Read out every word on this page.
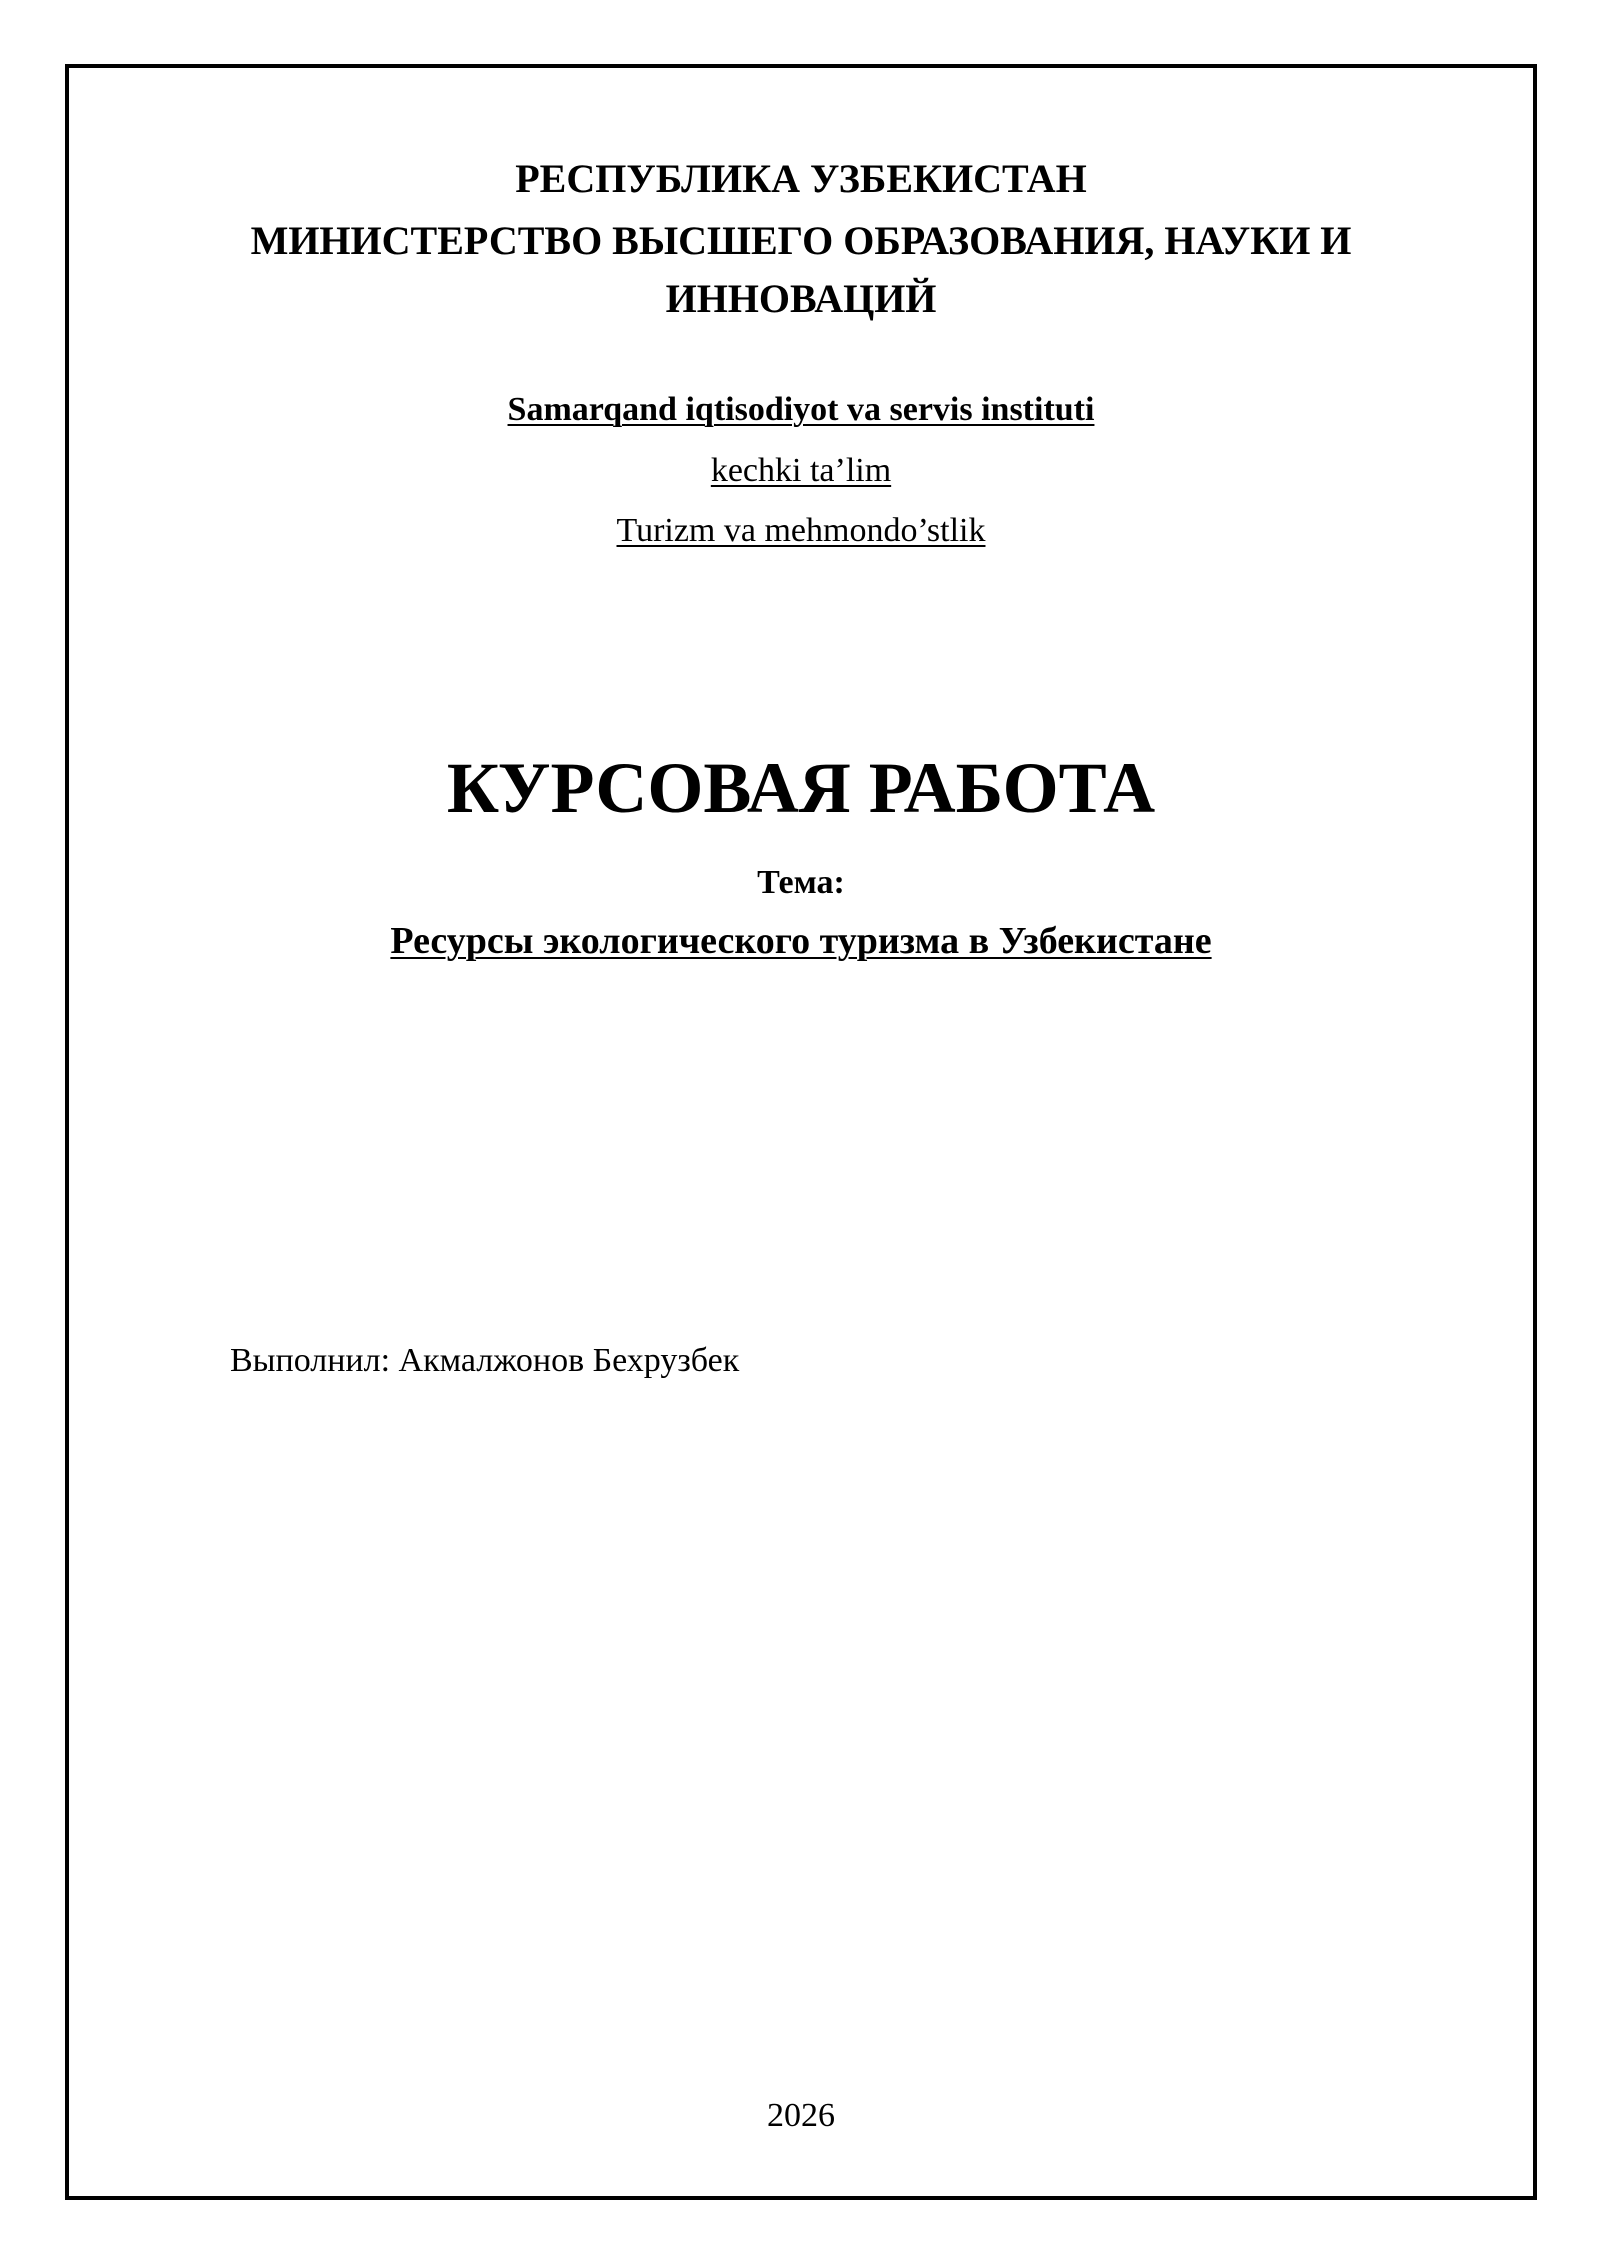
РЕСПУБЛИКА УЗБЕКИСТАН
МИНИСТЕРСТВО ВЫСШЕГО ОБРАЗОВАНИЯ, НАУКИ И
ИННОВАЦИЙ
Samarqand iqtisodiyot va servis instituti
kechki ta’lim
Turizm va mehmondo’stlik
КУРСОВАЯ РАБОТА
Тема:
Ресурсы экологического туризма в Узбекистане
Выполнил: Акмалжонов Бехрузбек
2026
